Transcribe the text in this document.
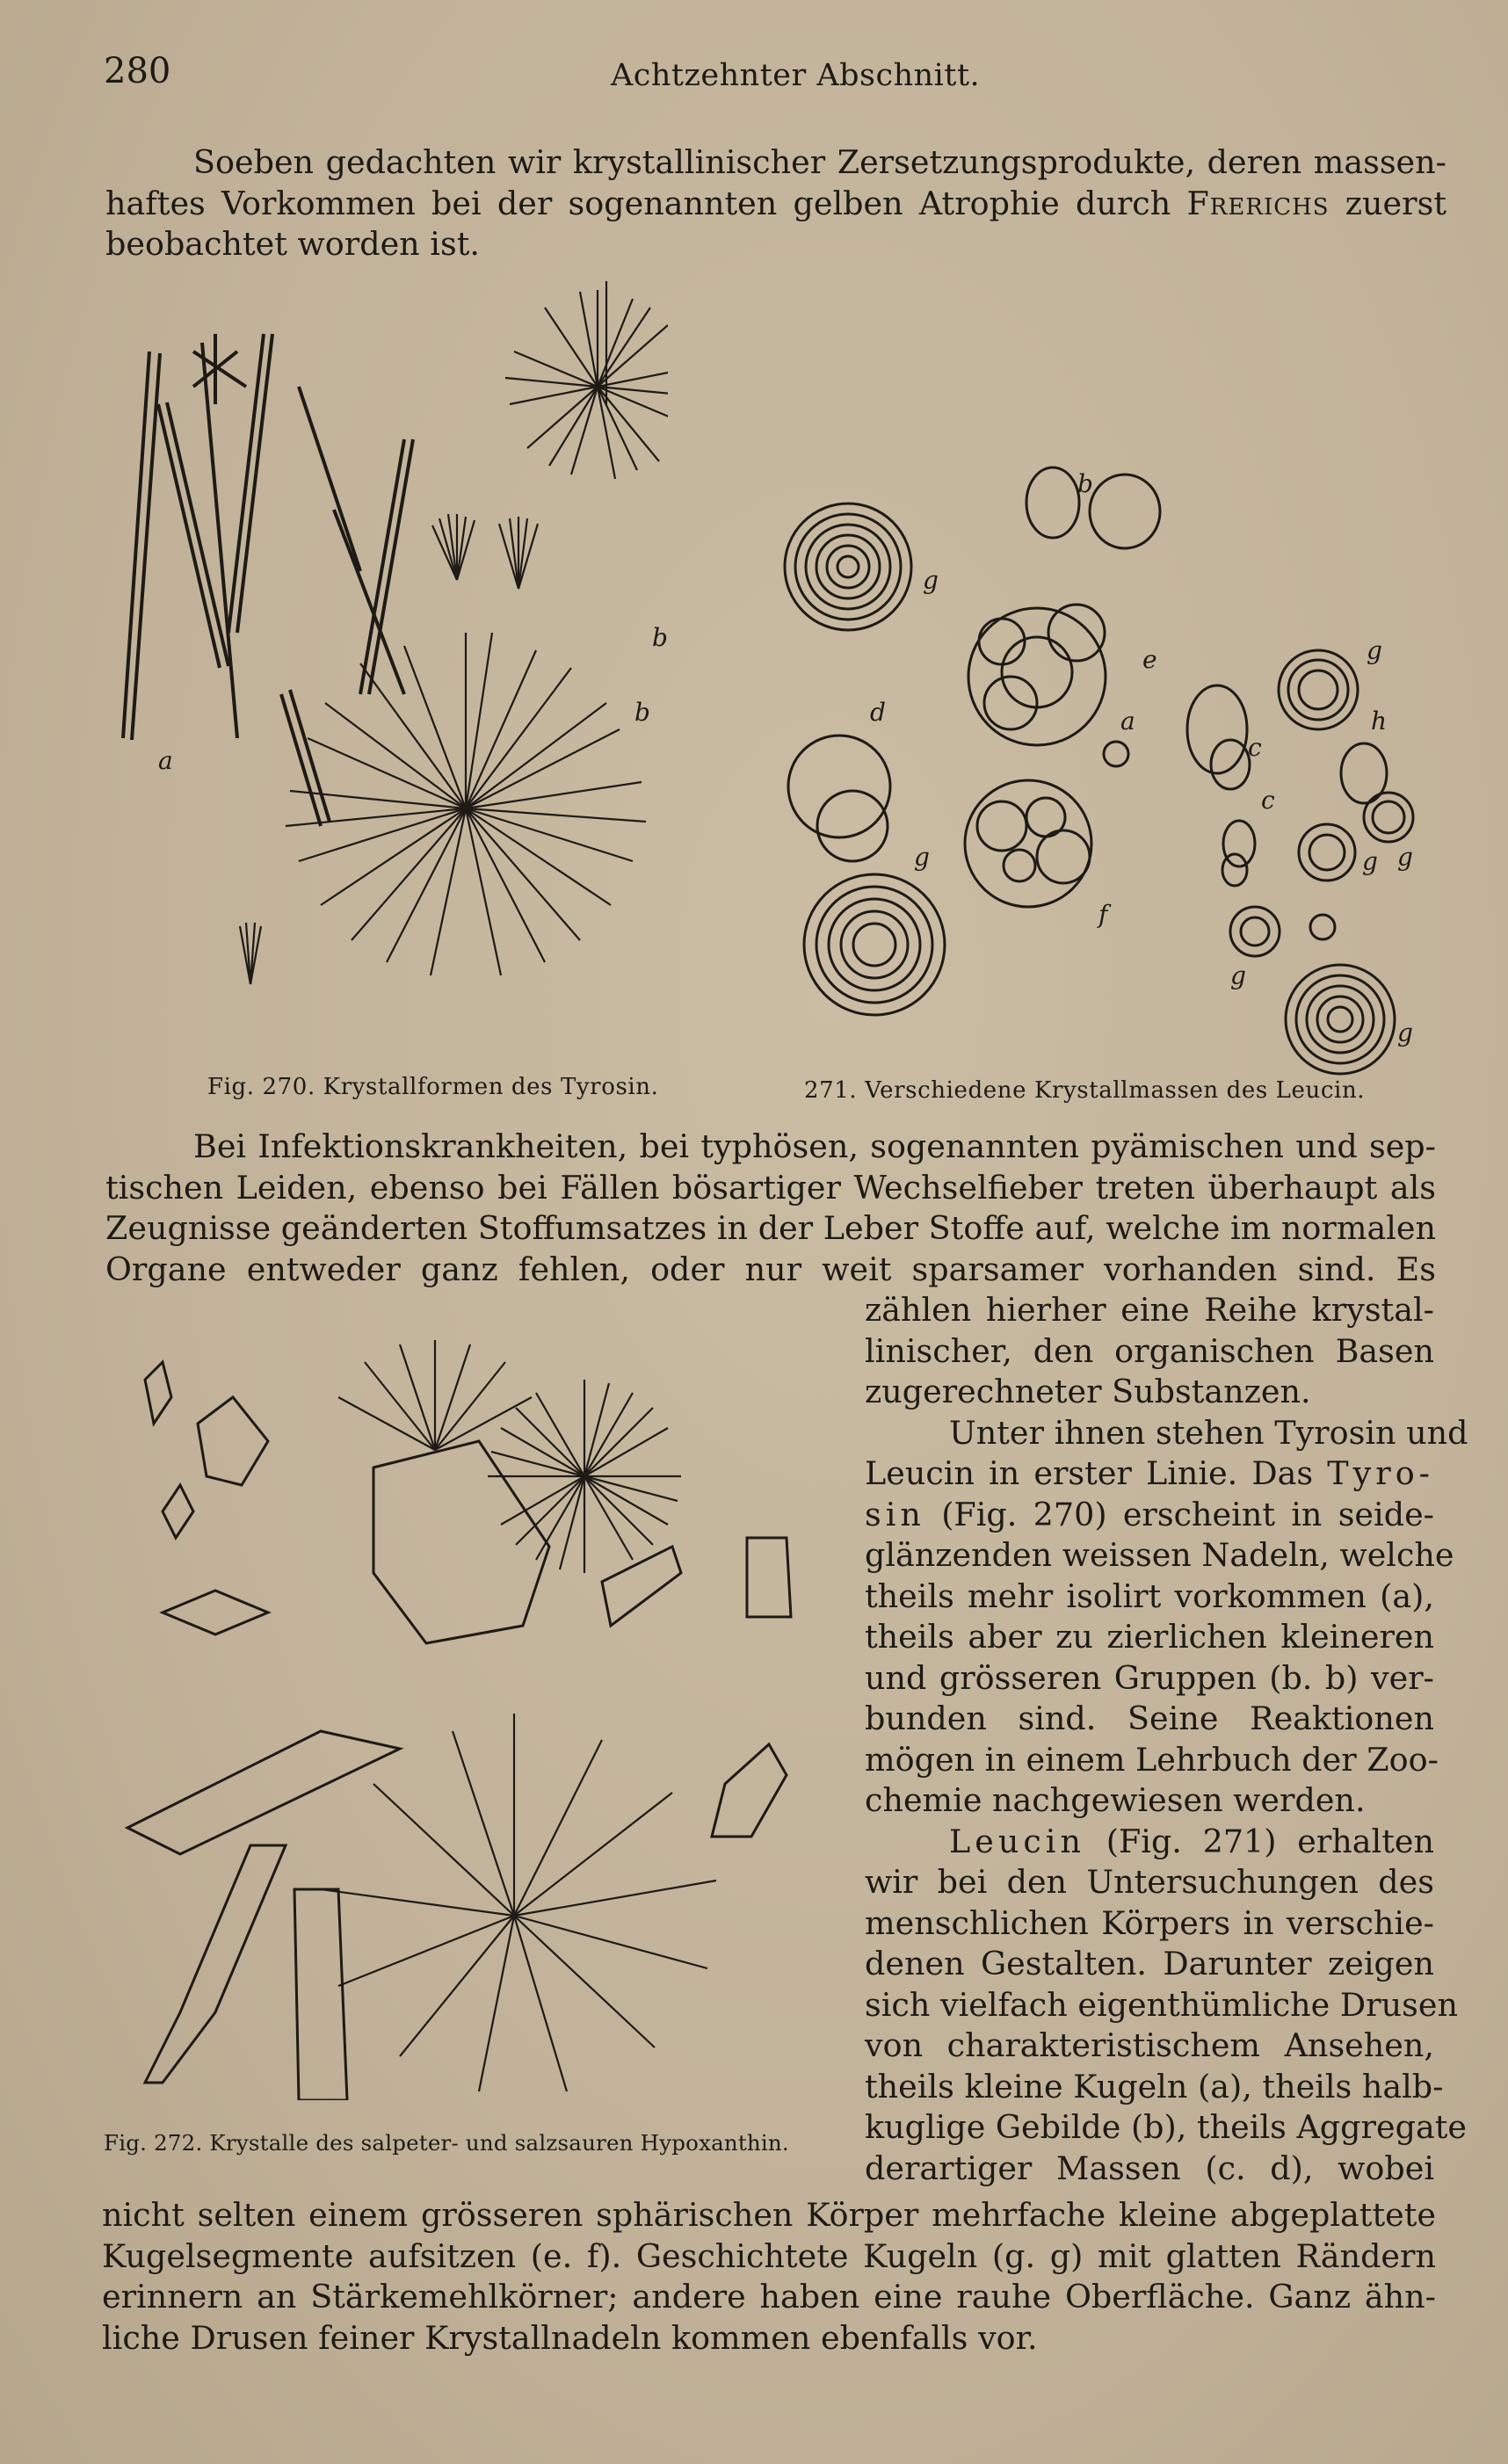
280	Achtzehnter Abschnitt.
Soeben gedachten wir krystallinischer Zersetzungsprodukte, deren massen-
haftes Vorkommen bei der sogenannten gelben Atrophie durch Frerichs zuerst
beobachtet worden ist.
a
b
b
b
g
e
d	a
c
c
g
h
g
f
g g
g
g
Fig. 270. Krystallformen des Tyrosin.	271. Verschiedene Krystallmassen des Leucin.
Bei Infektionskrankheiten, bei typhösen, sogenannten pyämischen und sep-
tischen Leiden, ebenso bei Fällen bösartiger Wechselfieber treten überhaupt als
Zeugnisse geänderten Stoffumsatzes in der Leber Stoffe auf, welche im normalen
Organe entweder ganz fehlen, oder nur weit sparsamer vorhanden sind. Es
zählen hierher eine Reihe krystal-
linischer, den organischen Basen
zugerechneter Substanzen.
Unter ihnen stehen Tyrosin und
Leucin in erster Linie. Das Tyro-
sin (Fig. 270) erscheint in seide-
glänzenden weissen Nadeln, welche
theils mehr isolirt vorkommen (a),
theils aber zu zierlichen kleineren
und grösseren Gruppen (b. b) ver-
bunden sind. Seine Reaktionen
mögen in einem Lehrbuch der Zoo-
chemie nachgewiesen werden.
Leucin (Fig. 271) erhalten
wir bei den Untersuchungen des
menschlichen Körpers in verschie-
denen Gestalten. Darunter zeigen
sich vielfach eigenthümliche Drusen
von charakteristischem Ansehen,
theils kleine Kugeln (a), theils halb-
kuglige Gebilde (b), theils Aggregate
derartiger Massen (c. d), wobei
Fig. 272. Krystalle des salpeter- und salzsauren Hypoxanthin.
nicht selten einem grösseren sphärischen Körper mehrfache kleine abgeplattete
Kugelsegmente aufsitzen (e. f). Geschichtete Kugeln (g. g) mit glatten Rändern
erinnern an Stärkemehlkörner; andere haben eine rauhe Oberfläche. Ganz ähn-
liche Drusen feiner Krystallnadeln kommen ebenfalls vor.
